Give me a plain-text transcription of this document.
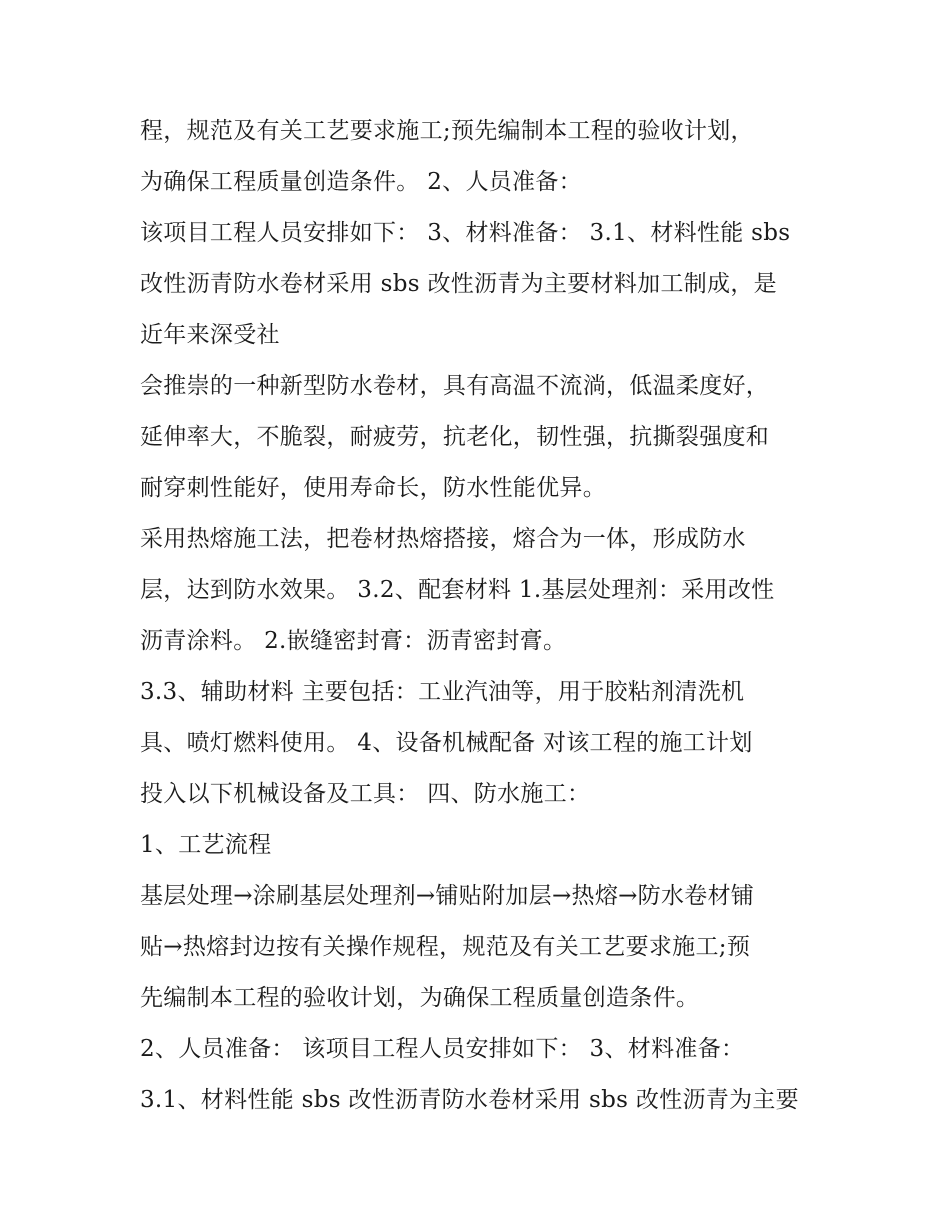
程，规范及有关工艺要求施工;预先编制本工程的验收计划，
为确保工程质量创造条件。 2、人员准备：
该项目工程人员安排如下： 3、材料准备： 3.1、材料性能 sbs
改性沥青防水卷材采用 sbs 改性沥青为主要材料加工制成，是
近年来深受社
会推崇的一种新型防水卷材，具有高温不流淌，低温柔度好，
延伸率大，不脆裂，耐疲劳，抗老化，韧性强，抗撕裂强度和
耐穿刺性能好，使用寿命长，防水性能优异。
采用热熔施工法，把卷材热熔搭接，熔合为一体，形成防水
层，达到防水效果。 3.2、配套材料 1.基层处理剂：采用改性
沥青涂料。 2.嵌缝密封膏：沥青密封膏。
3.3、辅助材料 主要包括：工业汽油等，用于胶粘剂清洗机
具、喷灯燃料使用。 4、设备机械配备 对该工程的施工计划
投入以下机械设备及工具： 四、防水施工：
1、工艺流程
基层处理→涂刷基层处理剂→铺贴附加层→热熔→防水卷材铺
贴→热熔封边按有关操作规程，规范及有关工艺要求施工;预
先编制本工程的验收计划，为确保工程质量创造条件。
2、人员准备： 该项目工程人员安排如下： 3、材料准备：
3.1、材料性能 sbs 改性沥青防水卷材采用 sbs 改性沥青为主要
